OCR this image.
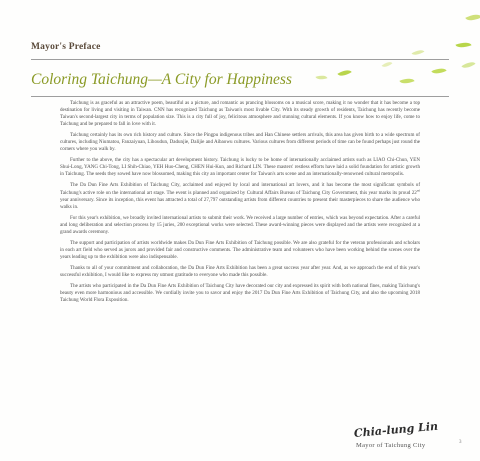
Mayor's Preface
Coloring Taichung—A City for Happiness

Taichung is as graceful as an attractive poem, beautiful as a picture, and romantic as prancing blossoms on a musical score, making it no wonder that it has become a top destination for living and visiting in Taiwan. CNN has recognized Taichung as Taiwan's most livable City. With its steady growth of residents, Taichung has recently become Taiwan's second-largest city in terms of population size. This is a city full of joy, felicitous atmosphere and stunning cultural elements. If you know how to enjoy life, come to Taichung and be prepared to fall in love with it.

Taichung certainly has its own rich history and culture. Since the Pingpu indigenous tribes and Han Chinese settlers arrivals, this area has given birth to a wide spectrum of cultures, including Niumatou, Fanzaiyuan, Lihoudun, Dadunjie, Dalijie and Aibaowu cultures. Various cultures from different periods of time can be found perhaps just round the corners where you walk by.

Further to the above, the city has a spectacular art development history. Taichung is lucky to be home of internationally acclaimed artists such as LIAO Chi-Chun, YEN Shui-Long, YANG Chi-Tong, LI Shih-Chiao, YEH Huo-Cheng, CHEN Hui-Kun, and Richard LIN. These masters' restless efforts have laid a solid foundation for artistic growth in Taichung. The seeds they sowed have now blossomed, making this city an important center for Taiwan's arts scene and an internationally-renowned cultural metropolis.

The Da Dun Fine Arts Exhibition of Taichung City, acclaimed and enjoyed by local and international art lovers, and it has become the most significant symbols of Taichung's active role on the international art stage. The event is planned and organized by Cultural Affairs Bureau of Taichung City Government, this year marks its proud 22nd year anniversary. Since its inception, this event has attracted a total of 27,797 outstanding artists from different countries to present their masterpieces to share the audience who walks in.

For this year's exhibition, we broadly invited international artists to submit their work. We received a large number of entries, which was beyond expectation. After a careful and long deliberation and selection process by 15 juries, 200 exceptional works were selected. These award-winning pieces were displayed and the artists were recognized at a grand awards ceremony.

The support and participation of artists worldwide makes Da Dun Fine Arts Exhibition of Taichung possible. We are also grateful for the veteran professionals and scholars in each art field who served as jurors and provided fair and constructive comments. The administrative team and volunteers who have been working behind the scenes over the years leading up to the exhibition were also indispensable.

Thanks to all of your commitment and collaboration, the Da Dun Fine Arts Exhibition has been a great success year after year. And, as we approach the end of this year's successful exhibition, I would like to express my utmost gratitude to everyone who made this possible.

The artists who participated in the Da Dun Fine Arts Exhibition of Taichung City have decorated our city and expressed its spirit with both national fines, making Taichung's beauty even more harmonious and accessible. We cordially invite you to savor and enjoy the 2017 Da Dun Fine Arts Exhibition of Taichung City, and also the upcoming 2018 Taichung World Flora Exposition.

Chia-lung Lin
Mayor of Taichung City	3
